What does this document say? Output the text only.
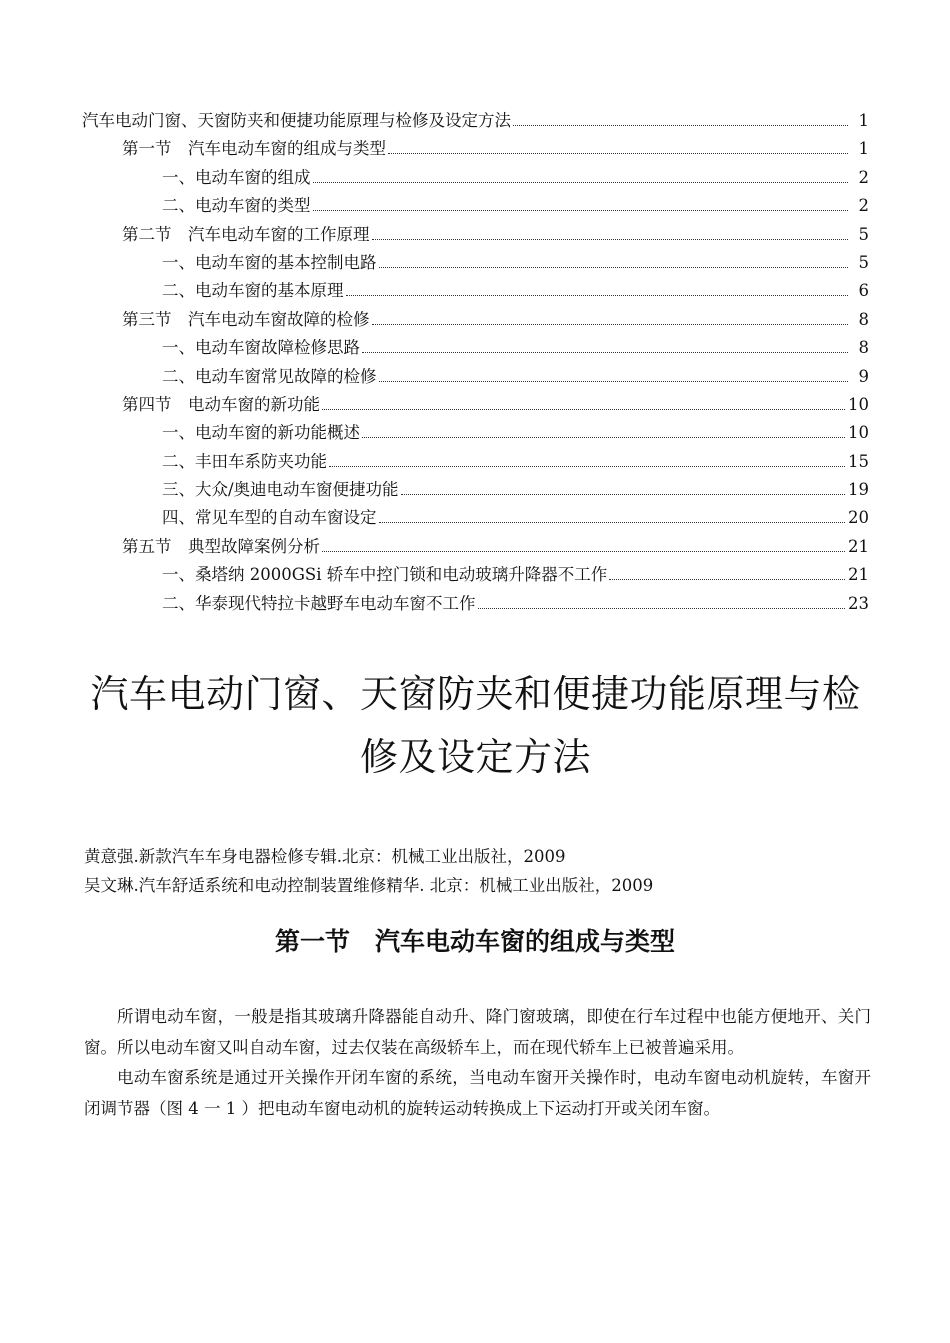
汽车电动门窗、天窗防夹和便捷功能原理与检修及设定方法	1
第一节　汽车电动车窗的组成与类型	1
一、电动车窗的组成	2
二、电动车窗的类型	2
第二节　汽车电动车窗的工作原理	5
一、电动车窗的基本控制电路	5
二、电动车窗的基本原理	6
第三节　汽车电动车窗故障的检修	8
一、电动车窗故障检修思路	8
二、电动车窗常见故障的检修	9
第四节　电动车窗的新功能	10
一、电动车窗的新功能概述	10
二、丰田车系防夹功能	15
三、大众/奥迪电动车窗便捷功能	19
四、常见车型的自动车窗设定	20
第五节　典型故障案例分析	21
一、桑塔纳 2000GSi 轿车中控门锁和电动玻璃升降器不工作	21
二、华泰现代特拉卡越野车电动车窗不工作	23
汽车电动门窗、天窗防夹和便捷功能原理与检
修及设定方法
黄意强.新款汽车车身电器检修专辑.北京：机械工业出版社，2009
吴文琳.汽车舒适系统和电动控制装置维修精华. 北京：机械工业出版社，2009
第一节　汽车电动车窗的组成与类型

所谓电动车窗，一般是指其玻璃升降器能自动升、降门窗玻璃，即使在行车过程中也能方便地开、关门窗。所以电动车窗又叫自动车窗，过去仅装在高级轿车上，而在现代轿车上已被普遍采用。

电动车窗系统是通过开关操作开闭车窗的系统，当电动车窗开关操作时，电动车窗电动机旋转，车窗开闭调节器（图 4 一 1 ）把电动车窗电动机的旋转运动转换成上下运动打开或关闭车窗。
